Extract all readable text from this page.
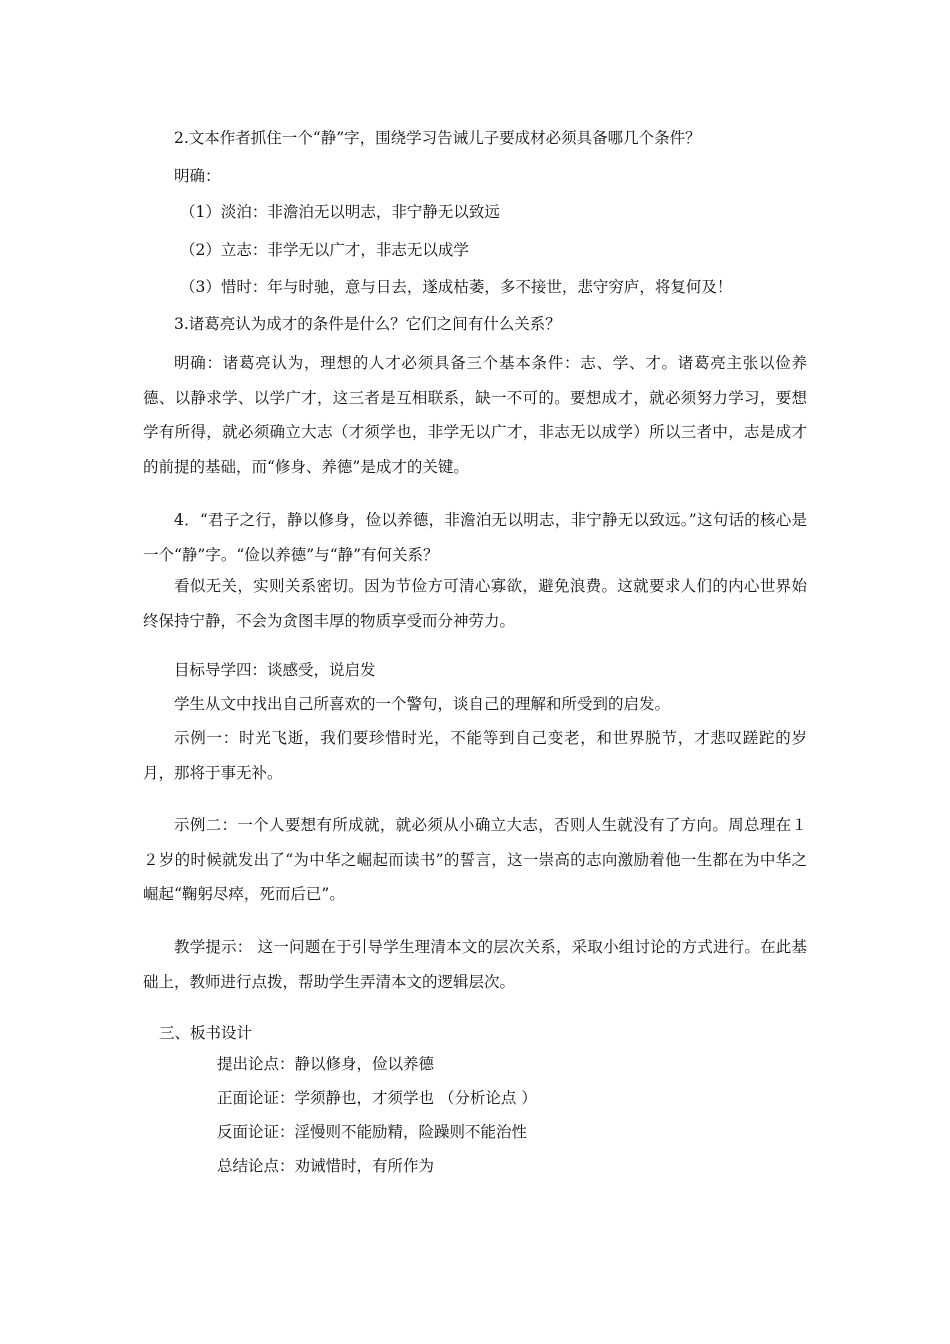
2.文本作者抓住一个“静”字，围绕学习告诫儿子要成材必须具备哪几个条件？
明确：
（1）淡泊：非澹泊无以明志，非宁静无以致远
（2）立志：非学无以广才，非志无以成学
（3）惜时：年与时驰，意与日去，遂成枯萎，多不接世，悲守穷庐，将复何及！
3.诸葛亮认为成才的条件是什么？它们之间有什么关系？
明确：诸葛亮认为，理想的人才必须具备三个基本条件：志、学、才。诸葛亮主张以俭养德、以静求学、以学广才，这三者是互相联系，缺一不可的。要想成才，就必须努力学习，要想学有所得，就必须确立大志（才须学也，非学无以广才，非志无以成学）所以三者中，志是成才的前提的基础，而“修身、养德”是成才的关键。
4．“君子之行，静以修身，俭以养德，非澹泊无以明志，非宁静无以致远。”这句话的核心是一个“静”字。“俭以养德”与“静”有何关系？
看似无关，实则关系密切。因为节俭方可清心寡欲，避免浪费。这就要求人们的内心世界始终保持宁静，不会为贪图丰厚的物质享受而分神劳力。
目标导学四：谈感受，说启发
学生从文中找出自己所喜欢的一个警句，谈自己的理解和所受到的启发。
示例一：时光飞逝，我们要珍惜时光，不能等到自己变老，和世界脱节，才悲叹蹉跎的岁月，那将于事无补。
示例二：一个人要想有所成就，就必须从小确立大志，否则人生就没有了方向。周总理在１２岁的时候就发出了“为中华之崛起而读书”的誓言，这一崇高的志向激励着他一生都在为中华之崛起“鞠躬尽瘁，死而后已”。
教学提示： 这一问题在于引导学生理清本文的层次关系，采取小组讨论的方式进行。在此基础上，教师进行点拨，帮助学生弄清本文的逻辑层次。
三、板书设计
提出论点：静以修身，俭以养德
正面论证：学须静也，才须学也 （分析论点 ）
反面论证：淫慢则不能励精，险躁则不能治性
总结论点：劝诫惜时，有所作为
